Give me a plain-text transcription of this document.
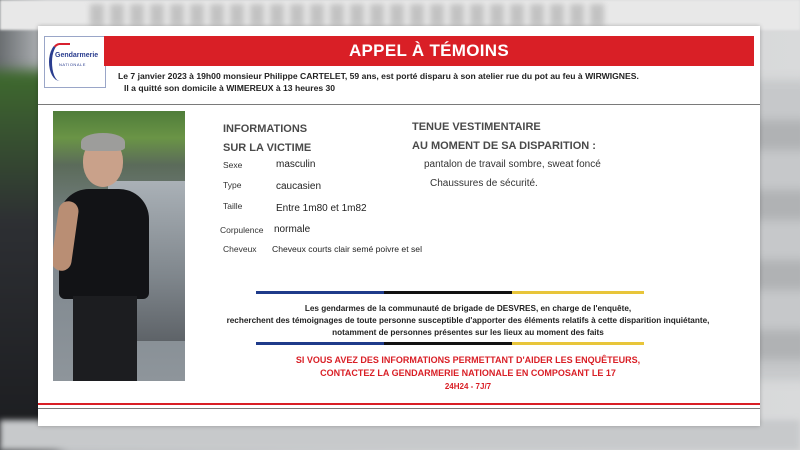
Gendarmerie
NATIONALE
APPEL À TÉMOINS
Le 7 janvier 2023 à 19h00 monsieur Philippe CARTELET, 59 ans, est porté disparu à son atelier rue du pot au feu à WIRWIGNES.
Il a quitté son domicile à WIMEREUX à 13 heures 30
INFORMATIONS
SUR LA VICTIME
Sexe	masculin
Type	caucasien
Taille	Entre 1m80 et 1m82
Corpulence normale
Cheveux Cheveux courts clair semé poivre et sel
TENUE VESTIMENTAIRE
AU MOMENT DE SA DISPARITION :
pantalon de travail sombre, sweat foncé
Chaussures de sécurité.
Les gendarmes de la communauté de brigade de DESVRES, en charge de l'enquête,
recherchent des témoignages de toute personne susceptible d'apporter des éléments relatifs à cette disparition inquiétante,
notamment de personnes présentes sur les lieux au moment des faits
SI VOUS AVEZ DES INFORMATIONS PERMETTANT D'AIDER LES ENQUÊTEURS,
CONTACTEZ LA GENDARMERIE NATIONALE EN COMPOSANT LE 17
24H24 - 7J/7
